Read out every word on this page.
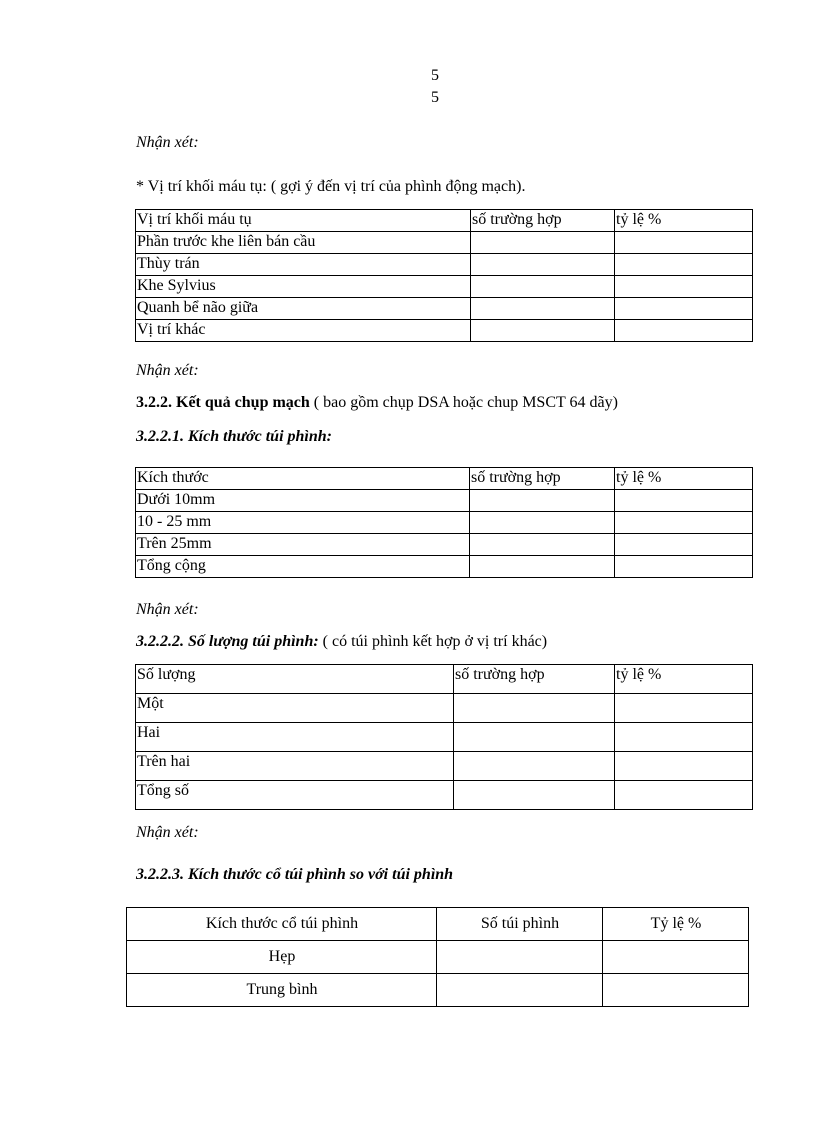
5
5
Nhận xét:
* Vị trí khối máu tụ: ( gợi ý đến vị trí của phình động mạch).
Vị trí khối máu tụ	số trường hợp	tỷ lệ %
Phần trước khe liên bán cầu		
Thùy trán		
Khe Sylvius		
Quanh bể não giữa		
Vị trí khác		
Nhận xét:
3.2.2. Kết quả chụp mạch ( bao gồm chụp DSA hoặc chup MSCT 64 dãy)
3.2.2.1. Kích thước túi phình:
Kích thước	số trường hợp	tỷ lệ %
Dưới 10mm		
10 - 25 mm		
Trên 25mm		
Tổng cộng		
Nhận xét:
3.2.2.2. Số lượng túi phình: ( có túi phình kết hợp ở vị trí khác)
Số lượng	số trường hợp	tỷ lệ %
Một		
Hai		
Trên hai		
Tổng số		
Nhận xét:
3.2.2.3. Kích thước cổ túi phình so với túi phình
Kích thước cổ túi phình	Số túi phình	Tỷ lệ %
Hẹp		
Trung bình		
